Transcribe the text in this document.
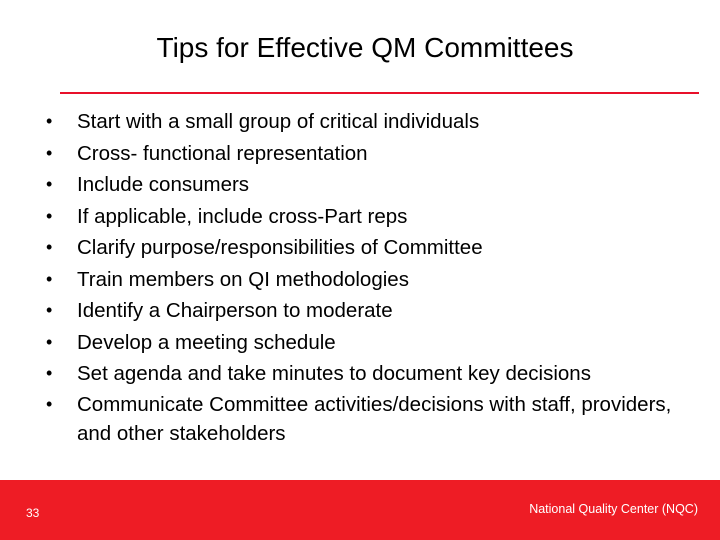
Tips for Effective QM Committees
• Start with a small group of critical individuals
• Cross- functional representation
• Include consumers
• If applicable, include cross-Part reps
• Clarify purpose/responsibilities of Committee
• Train members on QI methodologies
• Identify a Chairperson to moderate
• Develop a meeting schedule
• Set agenda and take minutes to document key decisions
• Communicate Committee activities/decisions with staff, providers, and other stakeholders
33	National Quality Center (NQC)
